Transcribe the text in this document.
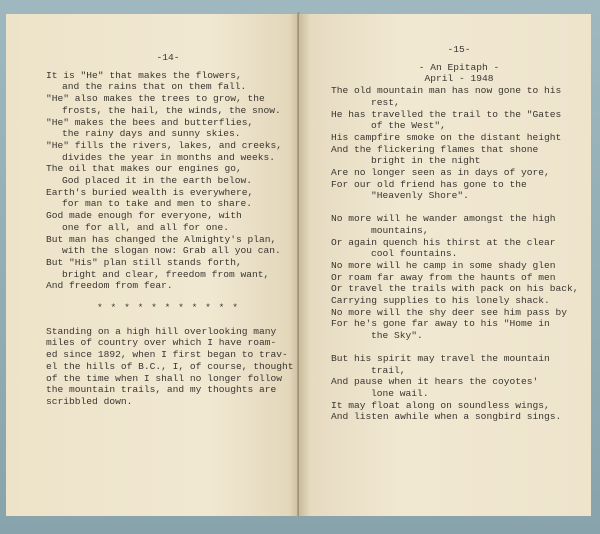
-14-
It is "He" that makes the flowers,
and the rains that on them fall.
"He" also makes the trees to grow, the
frosts, the hail, the winds, the snow.
"He" makes the bees and butterflies,
the rainy days and sunny skies.
"He" fills the rivers, lakes, and creeks,
divides the year in months and weeks.
The oil that makes our engines go,
God placed it in the earth below.
Earth's buried wealth is everywhere,
for man to take and men to share.
God made enough for everyone, with
one for all, and all for one.
But man has changed the Almighty's plan,
with the slogan now: Grab all you can.
But "His" plan still stands forth,
bright and clear, freedom from want,
And freedom from fear.
* * * * * * * * * * *
Standing on a high hill overlooking many
miles of country over which I have roam-
ed since 1892, when I first began to trav-
el the hills of B.C., I, of course, thought
of the time when I shall no longer follow
the mountain trails, and my thoughts are
scribbled down.
-15-
- An Epitaph -
April - 1948
The old mountain man has now gone to his
rest,
He has travelled the trail to the "Gates
of the West",
His campfire smoke on the distant height
And the flickering flames that shone
bright in the night
Are no longer seen as in days of yore,
For our old friend has gone to the
"Heavenly Shore".
No more will he wander amongst the high
mountains,
Or again quench his thirst at the clear
cool fountains.
No more will he camp in some shady glen
Or roam far away from the haunts of men
Or travel the trails with pack on his back,
Carrying supplies to his lonely shack.
No more will the shy deer see him pass by
For he's gone far away to his "Home in
the Sky".
But his spirit may travel the mountain
trail,
And pause when it hears the coyotes'
lone wail.
It may float along on soundless wings,
And listen awhile when a songbird sings.
